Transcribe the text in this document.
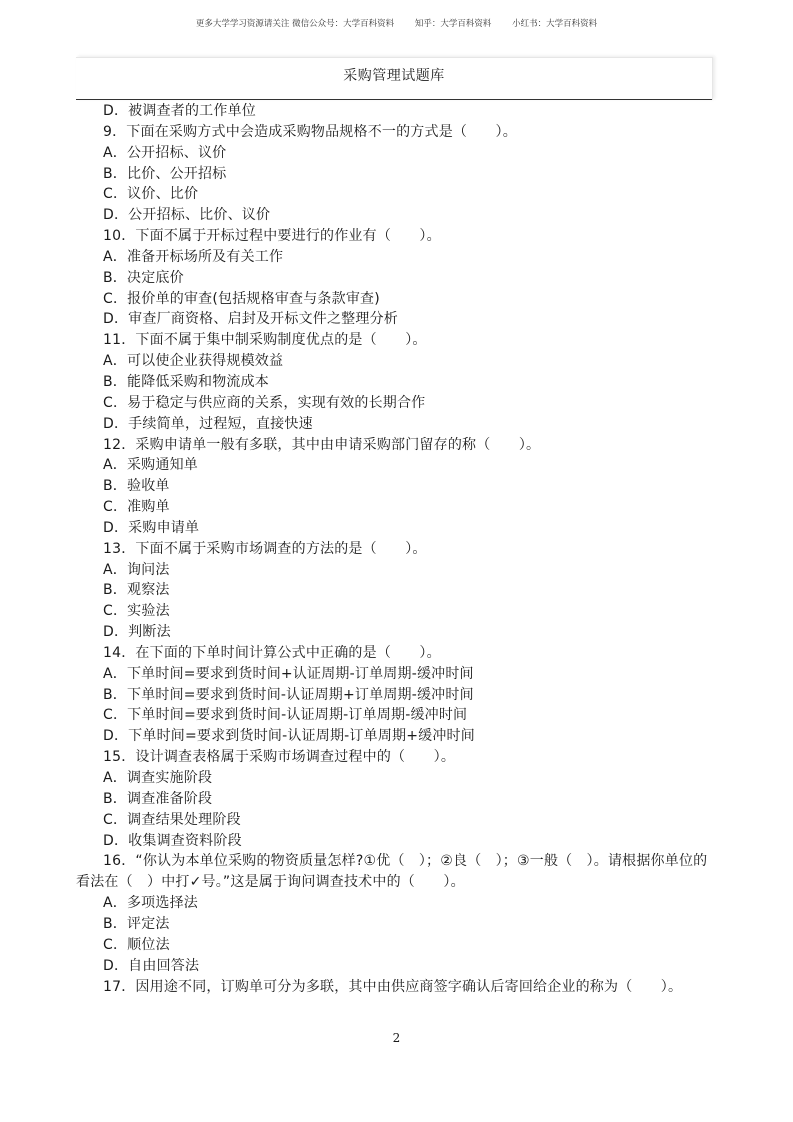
更多大学学习资源请关注 微信公众号：大学百科资料 知乎：大学百科资料 小红书：大学百科资料
采购管理试题库
D．被调查者的工作单位
9．下面在采购方式中会造成采购物品规格不一的方式是（　　）。
A．公开招标、议价
B．比价、公开招标
C．议价、比价
D．公开招标、比价、议价
10．下面不属于开标过程中要进行的作业有（　　）。
A．准备开标场所及有关工作
B．决定底价
C．报价单的审查(包括规格审查与条款审查)
D．审查厂商资格、启封及开标文件之整理分析
11．下面不属于集中制采购制度优点的是（　　）。
A．可以使企业获得规模效益
B．能降低采购和物流成本
C．易于稳定与供应商的关系，实现有效的长期合作
D．手续简单，过程短，直接快速
12．采购申请单一般有多联，其中由申请采购部门留存的称（　　）。
A．采购通知单
B．验收单
C．准购单
D．采购申请单
13．下面不属于采购市场调查的方法的是（　　）。
A．询问法
B．观察法
C．实验法
D．判断法
14．在下面的下单时间计算公式中正确的是（　　）。
A．下单时间=要求到货时间+认证周期-订单周期-缓冲时间
B．下单时间=要求到货时间-认证周期+订单周期-缓冲时间
C．下单时间=要求到货时间-认证周期-订单周期-缓冲时间
D．下单时间=要求到货时间-认证周期-订单周期+缓冲时间
15．设计调查表格属于采购市场调查过程中的（　　）。
A．调查实施阶段
B．调查准备阶段
C．调查结果处理阶段
D．收集调查资料阶段
16．“你认为本单位采购的物资质量怎样?①优（　）；②良（　）；③一般（　）。请根据你单位的看法在（　）中打✓号。”这是属于询问调查技术中的（　　）。
A．多项选择法
B．评定法
C．顺位法
D．自由回答法
17．因用途不同，订购单可分为多联，其中由供应商签字确认后寄回给企业的称为（　　）。
2
